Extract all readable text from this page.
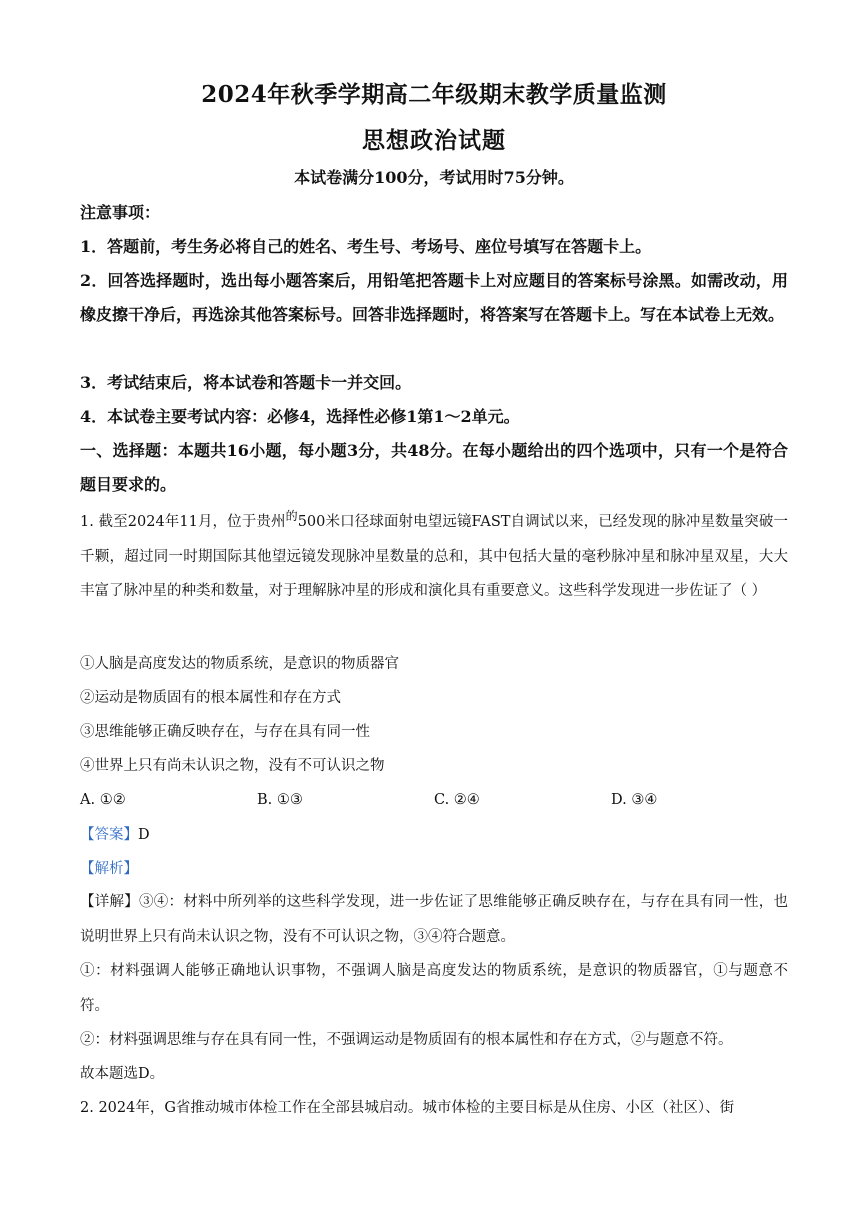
2024年秋季学期高二年级期末教学质量监测
思想政治试题
本试卷满分100分，考试用时75分钟。
注意事项：
1．答题前，考生务必将自己的姓名、考生号、考场号、座位号填写在答题卡上。
2．回答选择题时，选出每小题答案后，用铅笔把答题卡上对应题目的答案标号涂黑。如需改动，用橡皮擦干净后，再选涂其他答案标号。回答非选择题时，将答案写在答题卡上。写在本试卷上无效。
3．考试结束后，将本试卷和答题卡一并交回。
4．本试卷主要考试内容：必修4，选择性必修1第1～2单元。
一、选择题：本题共16小题，每小题3分，共48分。在每小题给出的四个选项中，只有一个是符合题目要求的。
1. 截至2024年11月，位于贵州$^的$500米口径球面射电望远镜FAST自调试以来，已经发现的脉冲星数量突破一千颗，超过同一时期国际其他望远镜发现脉冲星数量的总和，其中包括大量的毫秒脉冲星和脉冲星双星，大大丰富了脉冲星的种类和数量，对于理解脉冲星的形成和演化具有重要意义。这些科学发现进一步佐证了（ ）
①人脑是高度发达的物质系统，是意识的物质器官
②运动是物质固有的根本属性和存在方式
③思维能够正确反映存在，与存在具有同一性
④世界上只有尚未认识之物，没有不可认识之物
A. ①②	B. ①③	C. ②④	D. ③④
【答案】D
【解析】
【详解】③④：材料中所列举的这些科学发现，进一步佐证了思维能够正确反映存在，与存在具有同一性，也说明世界上只有尚未认识之物，没有不可认识之物，③④符合题意。
①：材料强调人能够正确地认识事物，不强调人脑是高度发达的物质系统，是意识的物质器官，①与题意不符。
②：材料强调思维与存在具有同一性，不强调运动是物质固有的根本属性和存在方式，②与题意不符。
故本题选D。
2. 2024年，G省推动城市体检工作在全部县城启动。城市体检的主要目标是从住房、小区（社区）、街
